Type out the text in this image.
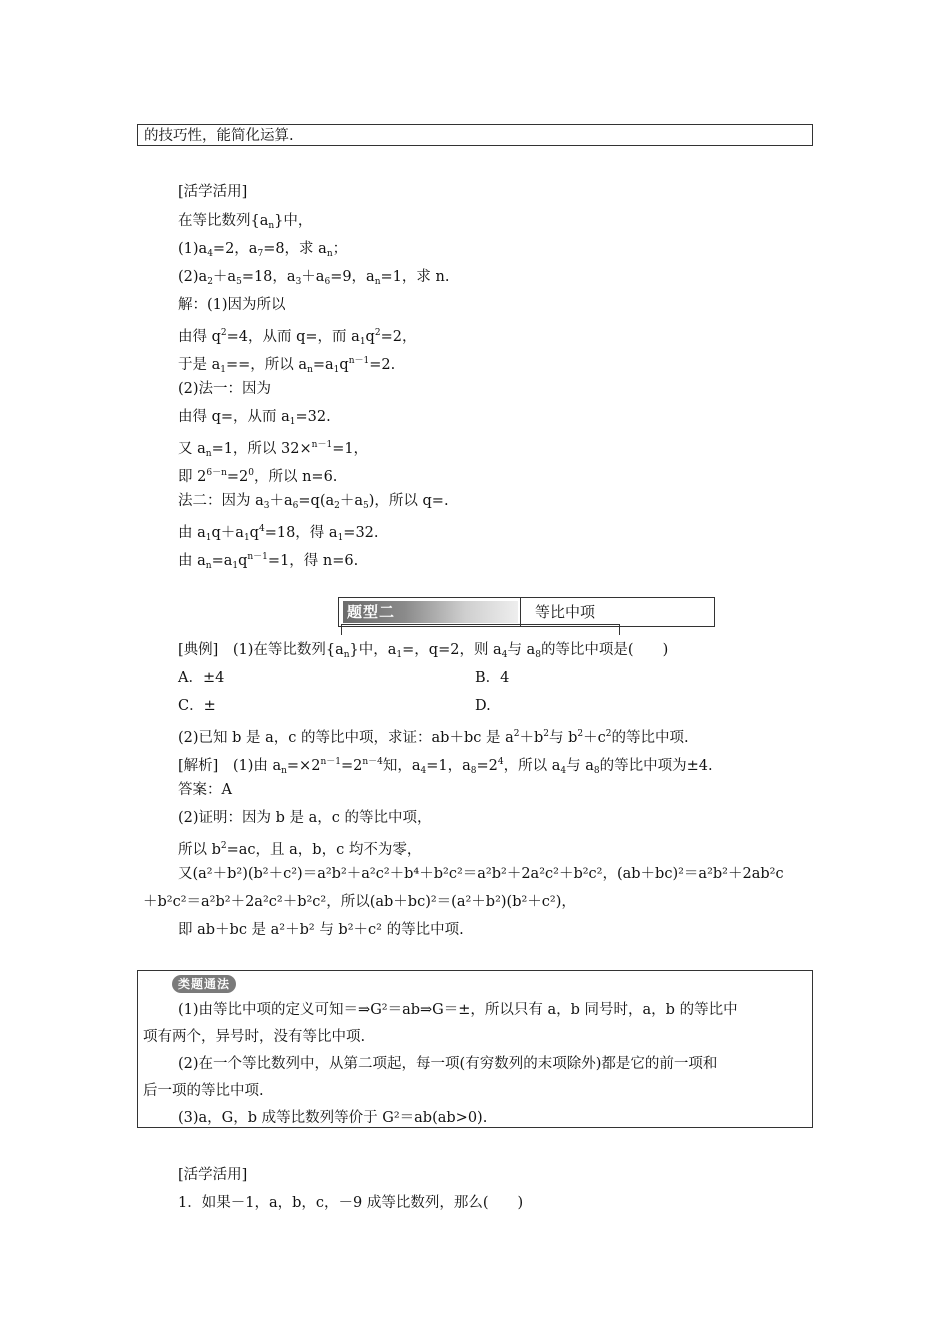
的技巧性，能简化运算.
[活学活用]
在等比数列$\{a_n\}$中，
$(1)a_4=2$，$a_7=8$，求 $a_n$；
$(2)a_2+a_5=18$，$a_3+a_6=9$，$a_n=1$，求 n.
解：(1)因为所以
由得 $q^2=4$，从而 q=，而 $a_1q^2=2$，
于是 $a_1==$，所以 $a_n=a_1q^{n-1}=2$.
(2)法一：因为
由得 q=，从而 $a_1=32$.
又 $a_n=1$，所以 32×$^{n-1}$=1，
即 $2^{6-n}=2^0$，所以 n=6.
法二：因为 $a_3+a_6=q(a_2+a_5)$，所以 q=.
由 $a_1q+a_1q^4=18$，得 $a_1=32$.
由 $a_n=a_1q^{n-1}=1$，得 n=6.
题型二	等比中项
[典例]　(1)在等比数列$\{a_n\}$中，$a_1=$，q=2，则 $a_4$与 $a_8$的等比中项是(　　)
A．±4	B．4
C．±	D.
(2)已知 b 是 a，c 的等比中项，求证：ab＋bc 是 $a^2+b^2$与 $b^2+c^2$的等比中项.
[解析]　(1)由 $a_n=\times 2^{n-1}=2^{n-4}$知，$a_4=1$，$a_8=2^4$，所以 $a_4$与 $a_8$的等比中项为±4.
答案：A
(2)证明：因为 b 是 a，c 的等比中项，
所以 $b^2=ac$，且 a，b，c 均不为零，
又(a²＋b²)(b²＋c²)＝a²b²＋a²c²＋b⁴＋b²c²＝a²b²＋2a²c²＋b²c²，(ab＋bc)²＝a²b²＋2ab²c
＋b²c²＝a²b²＋2a²c²＋b²c²，所以(ab＋bc)²＝(a²＋b²)(b²＋c²)，
即 ab＋bc 是 a²＋b² 与 b²＋c² 的等比中项.
类题通法
(1)由等比中项的定义可知＝⇒G²＝ab⇒G＝±，所以只有 a，b 同号时，a，b 的等比中
项有两个，异号时，没有等比中项.
(2)在一个等比数列中，从第二项起，每一项(有穷数列的末项除外)都是它的前一项和
后一项的等比中项.
(3)a，G，b 成等比数列等价于 G²＝ab(ab>0).
[活学活用]
1．如果－1，a，b，c，－9 成等比数列，那么(　　)
